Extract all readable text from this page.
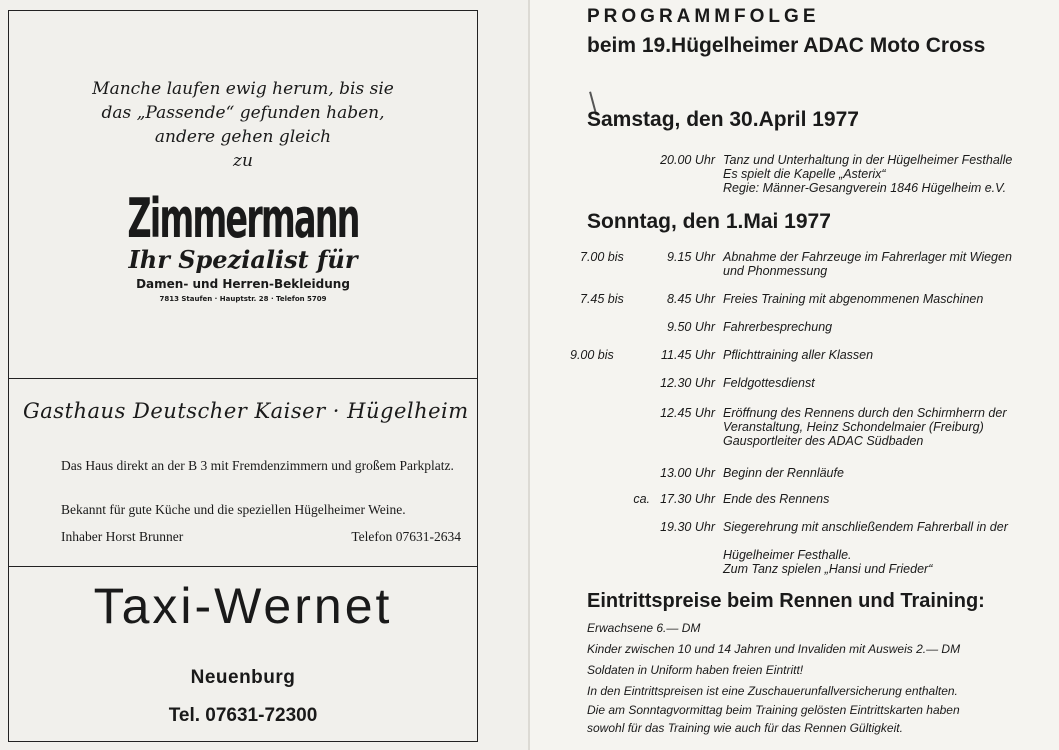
Manche laufen ewig herum, bis sie
das „Passende“ gefunden haben,
andere gehen gleich
zu
Zimmermann
Ihr Spezialist für
Damen- und Herren-Bekleidung
7813 Staufen · Hauptstr. 28 · Telefon 5709
Gasthaus Deutscher Kaiser · Hügelheim
Das Haus direkt an der B 3 mit Fremdenzimmern und großem Parkplatz.
Bekannt für gute Küche und die speziellen Hügelheimer Weine.
Inhaber Horst Brunner	Telefon 07631-2634
Taxi-Wernet
Neuenburg
Tel. 07631-72300
PROGRAMMFOLGE
beim 19.Hügelheimer ADAC Moto Cross
Samstag, den 30.April 1977
20.00 Uhr Tanz und Unterhaltung in der Hügelheimer Festhalle
Es spielt die Kapelle „Asterix“
Regie: Männer-Gesangverein 1846 Hügelheim e.V.
Sonntag, den 1.Mai 1977
7.00 bis	9.15 Uhr Abnahme der Fahrzeuge im Fahrerlager mit Wiegen
und Phonmessung
7.45 bis	8.45 Uhr Freies Training mit abgenommenen Maschinen
9.50 Uhr Fahrerbesprechung
9.00 bis	11.45 Uhr Pflichttraining aller Klassen
12.30 Uhr Feldgottesdienst
12.45 Uhr Eröffnung des Rennens durch den Schirmherrn der
Veranstaltung, Heinz Schondelmaier (Freiburg)
Gausportleiter des ADAC Südbaden
13.00 Uhr Beginn der Rennläufe
ca. 17.30 Uhr Ende des Rennens
19.30 Uhr Siegerehrung mit anschließendem Fahrerball in der
Hügelheimer Festhalle.
Zum Tanz spielen „Hansi und Frieder“
Eintrittspreise beim Rennen und Training:
Erwachsene 6.— DM
Kinder zwischen 10 und 14 Jahren und Invaliden mit Ausweis 2.— DM
Soldaten in Uniform haben freien Eintritt!
In den Eintrittspreisen ist eine Zuschauerunfallversicherung enthalten.
Die am Sonntagvormittag beim Training gelösten Eintrittskarten haben
sowohl für das Training wie auch für das Rennen Gültigkeit.
